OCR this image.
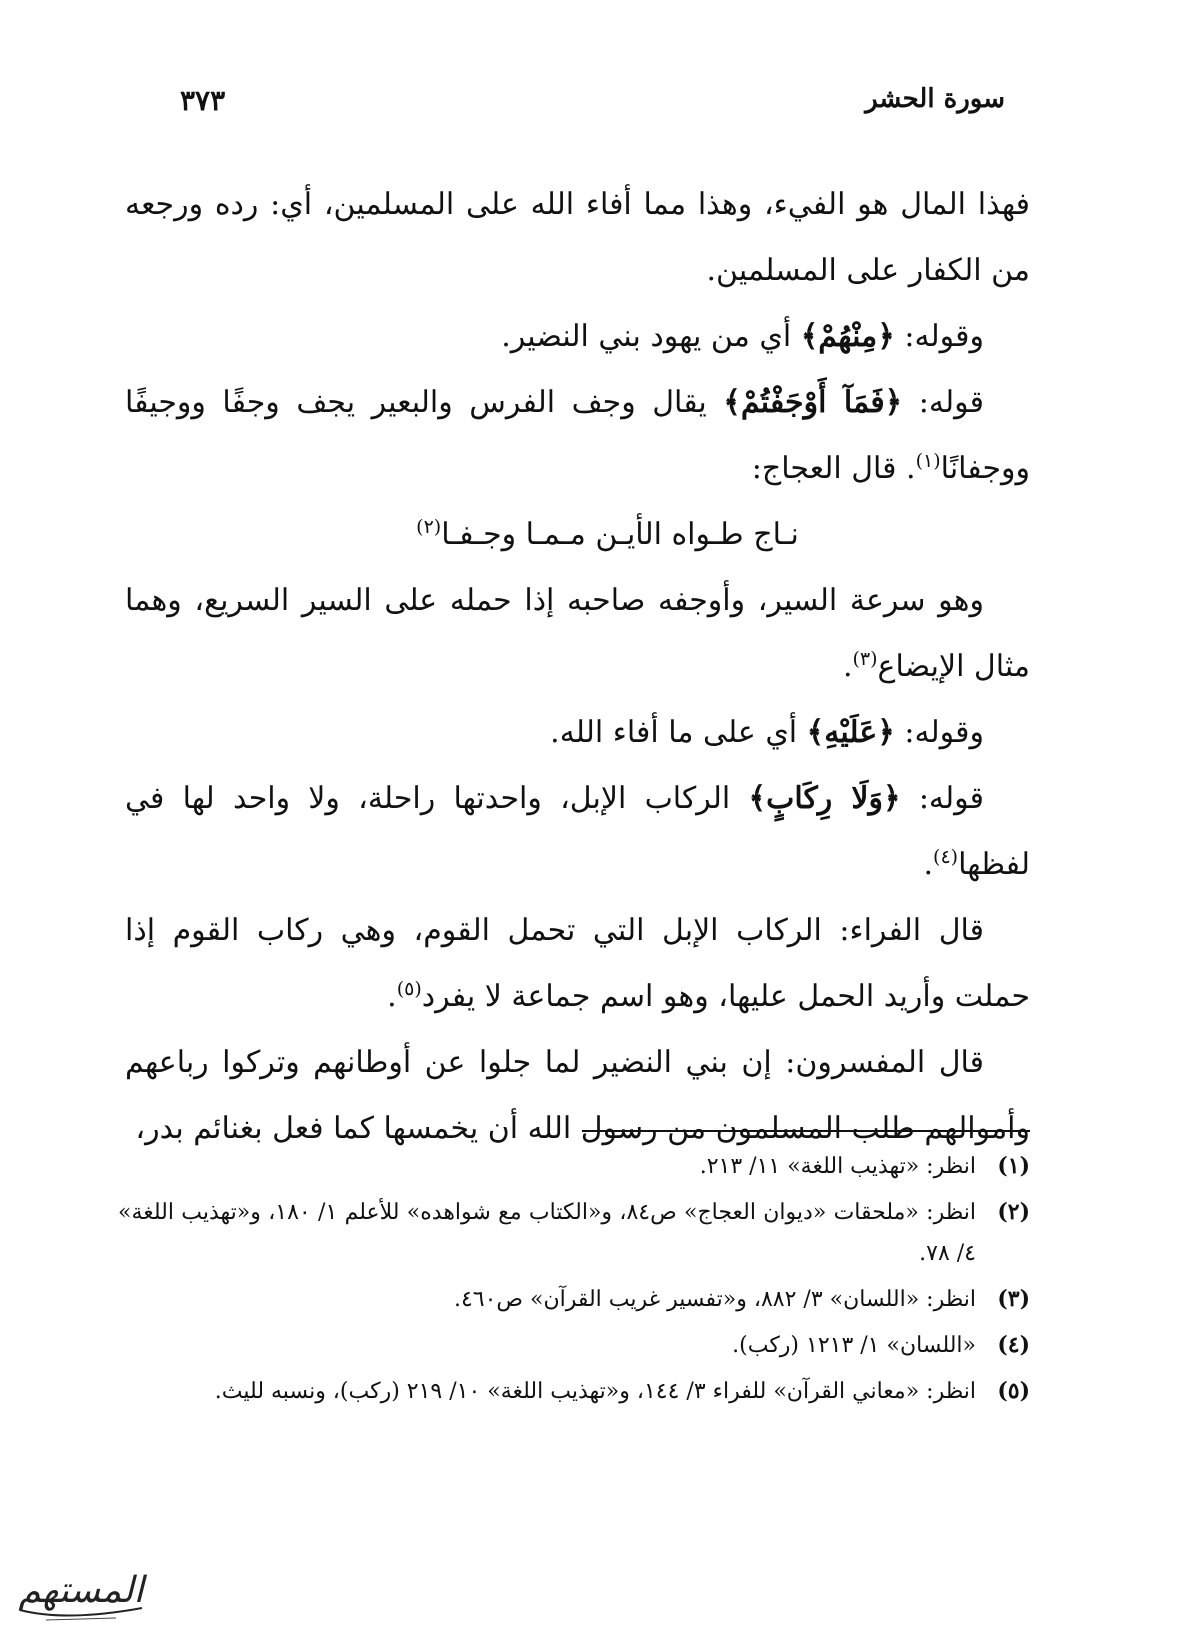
سورة الحشر
٣٧٣

فهذا المال هو الفيء، وهذا مما أفاء الله على المسلمين، أي: رده ورجعه من الكفار على المسلمين.

وقوله: ﴿مِنْهُمْ﴾ أي من يهود بني النضير.

قوله: ﴿فَمَآ أَوْجَفْتُمْ﴾ يقال وجف الفرس والبعير يجف وجفًا ووجيفًا ووجفانًا$^{(١)}$. قال العجاج:

نـاج طـواه الأيـن مـمـا وجـفـا$^{(٢)}$

وهو سرعة السير، وأوجفه صاحبه إذا حمله على السير السريع، وهما مثال الإيضاع$^{(٣)}$.

وقوله: ﴿عَلَيْهِ﴾ أي على ما أفاء الله.

قوله: ﴿وَلَا رِكَابٍ﴾ الركاب الإبل، واحدتها راحلة، ولا واحد لها في لفظها$^{(٤)}$.

قال الفراء: الركاب الإبل التي تحمل القوم، وهي ركاب القوم إذا حملت وأريد الحمل عليها، وهو اسم جماعة لا يفرد$^{(٥)}$.

قال المفسرون: إن بني النضير لما جلوا عن أوطانهم وتركوا رباعهم وأموالهم طلب المسلمون من رسول الله أن يخمسها كما فعل بغنائم بدر،

(١)
انظر: «تهذيب اللغة» ١١/ ٢١٣.
(٢)
انظر: «ملحقات «ديوان العجاج» ص٨٤، و«الكتاب مع شواهده» للأعلم ١/ ١٨٠، و«تهذيب اللغة» ٤/ ٧٨.
(٣)
انظر: «اللسان» ٣/ ٨٨٢، و«تفسير غريب القرآن» ص٤٦٠.
(٤)
«اللسان» ١/ ١٢١٣ (ركب).
(٥)
انظر: «معاني القرآن» للفراء ٣/ ١٤٤، و«تهذيب اللغة» ١٠/ ٢١٩ (ركب)، ونسبه لليث.
المستهم
